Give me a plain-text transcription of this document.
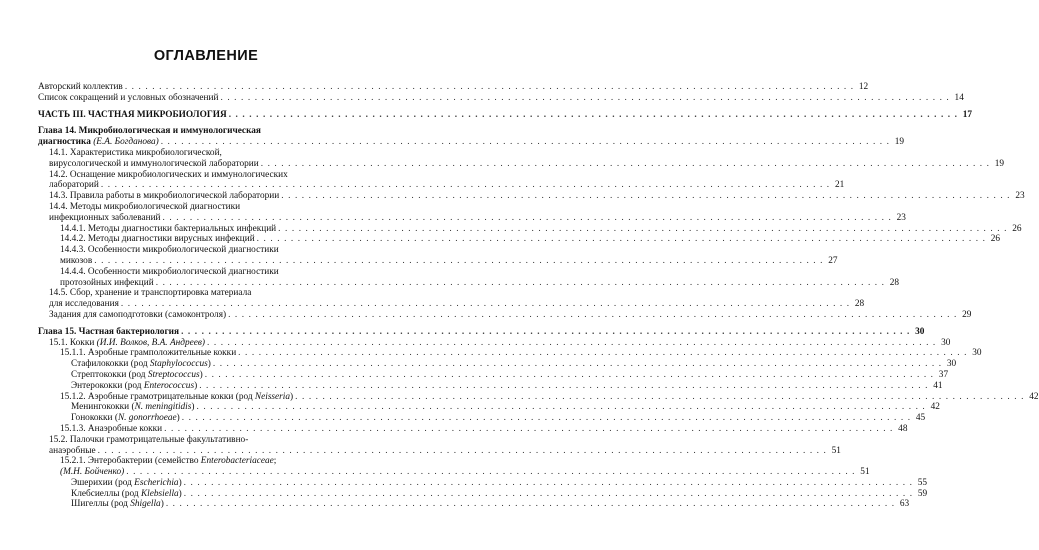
ОГЛАВЛЕНИЕ
Авторский коллектив . . .	12
Список сокращений и условных обозначений . . .	14
ЧАСТЬ III. ЧАСТНАЯ МИКРОБИОЛОГИЯ . . .	17
Глава 14. Микробиологическая и иммунологическая
диагностика (Е.А. Богданова) . . .	19
14.1. Характеристика микробиологической,
вирусологической и иммунологической лаборатории . . .	19
14.2. Оснащение микробиологических и иммунологических
лабораторий . . .	21
14.3. Правила работы в микробиологической лаборатории . . .	23
14.4. Методы микробиологической диагностики
инфекционных заболеваний . . .	23
14.4.1. Методы диагностики бактериальных инфекций . . .	26
14.4.2. Методы диагностики вирусных инфекций . . .	26
14.4.3. Особенности микробиологической диагностики
микозов . . .	27
14.4.4. Особенности микробиологической диагностики
протозойных инфекций . . .	28
14.5. Сбор, хранение и транспортировка материала
для исследования . . .	28
Задания для самоподготовки (самоконтроля) . . .	29
Глава 15. Частная бактериология . . .	30
15.1. Кокки (И.И. Волков, В.А. Андреев) . . .	30
15.1.1. Аэробные грамположительные кокки . . .	30
Стафилококки (род Staphylococcus) . . .	30
Стрептококки (род Streptococcus) . . .	37
Энтерококки (род Enterococcus) . . .	41
15.1.2. Аэробные грамотрицательные кокки (род Neisseria) . . .	42
Менингококки (N. meningitidis) . . .	42
Гонококки (N. gonorrhoeae) . . .	45
15.1.3. Анаэробные кокки . . .	48
15.2. Палочки грамотрицательные факультативно-
анаэробные . . .	51
15.2.1. Энтеробактерии (семейство Enterobacteriaceae;
(М.Н. Бойченко) . . .	51
Эшерихии (род Escherichia) . . .	55
Клебсиеллы (род Klebsiella) . . .	59
Шигеллы (род Shigella) . . .	63
